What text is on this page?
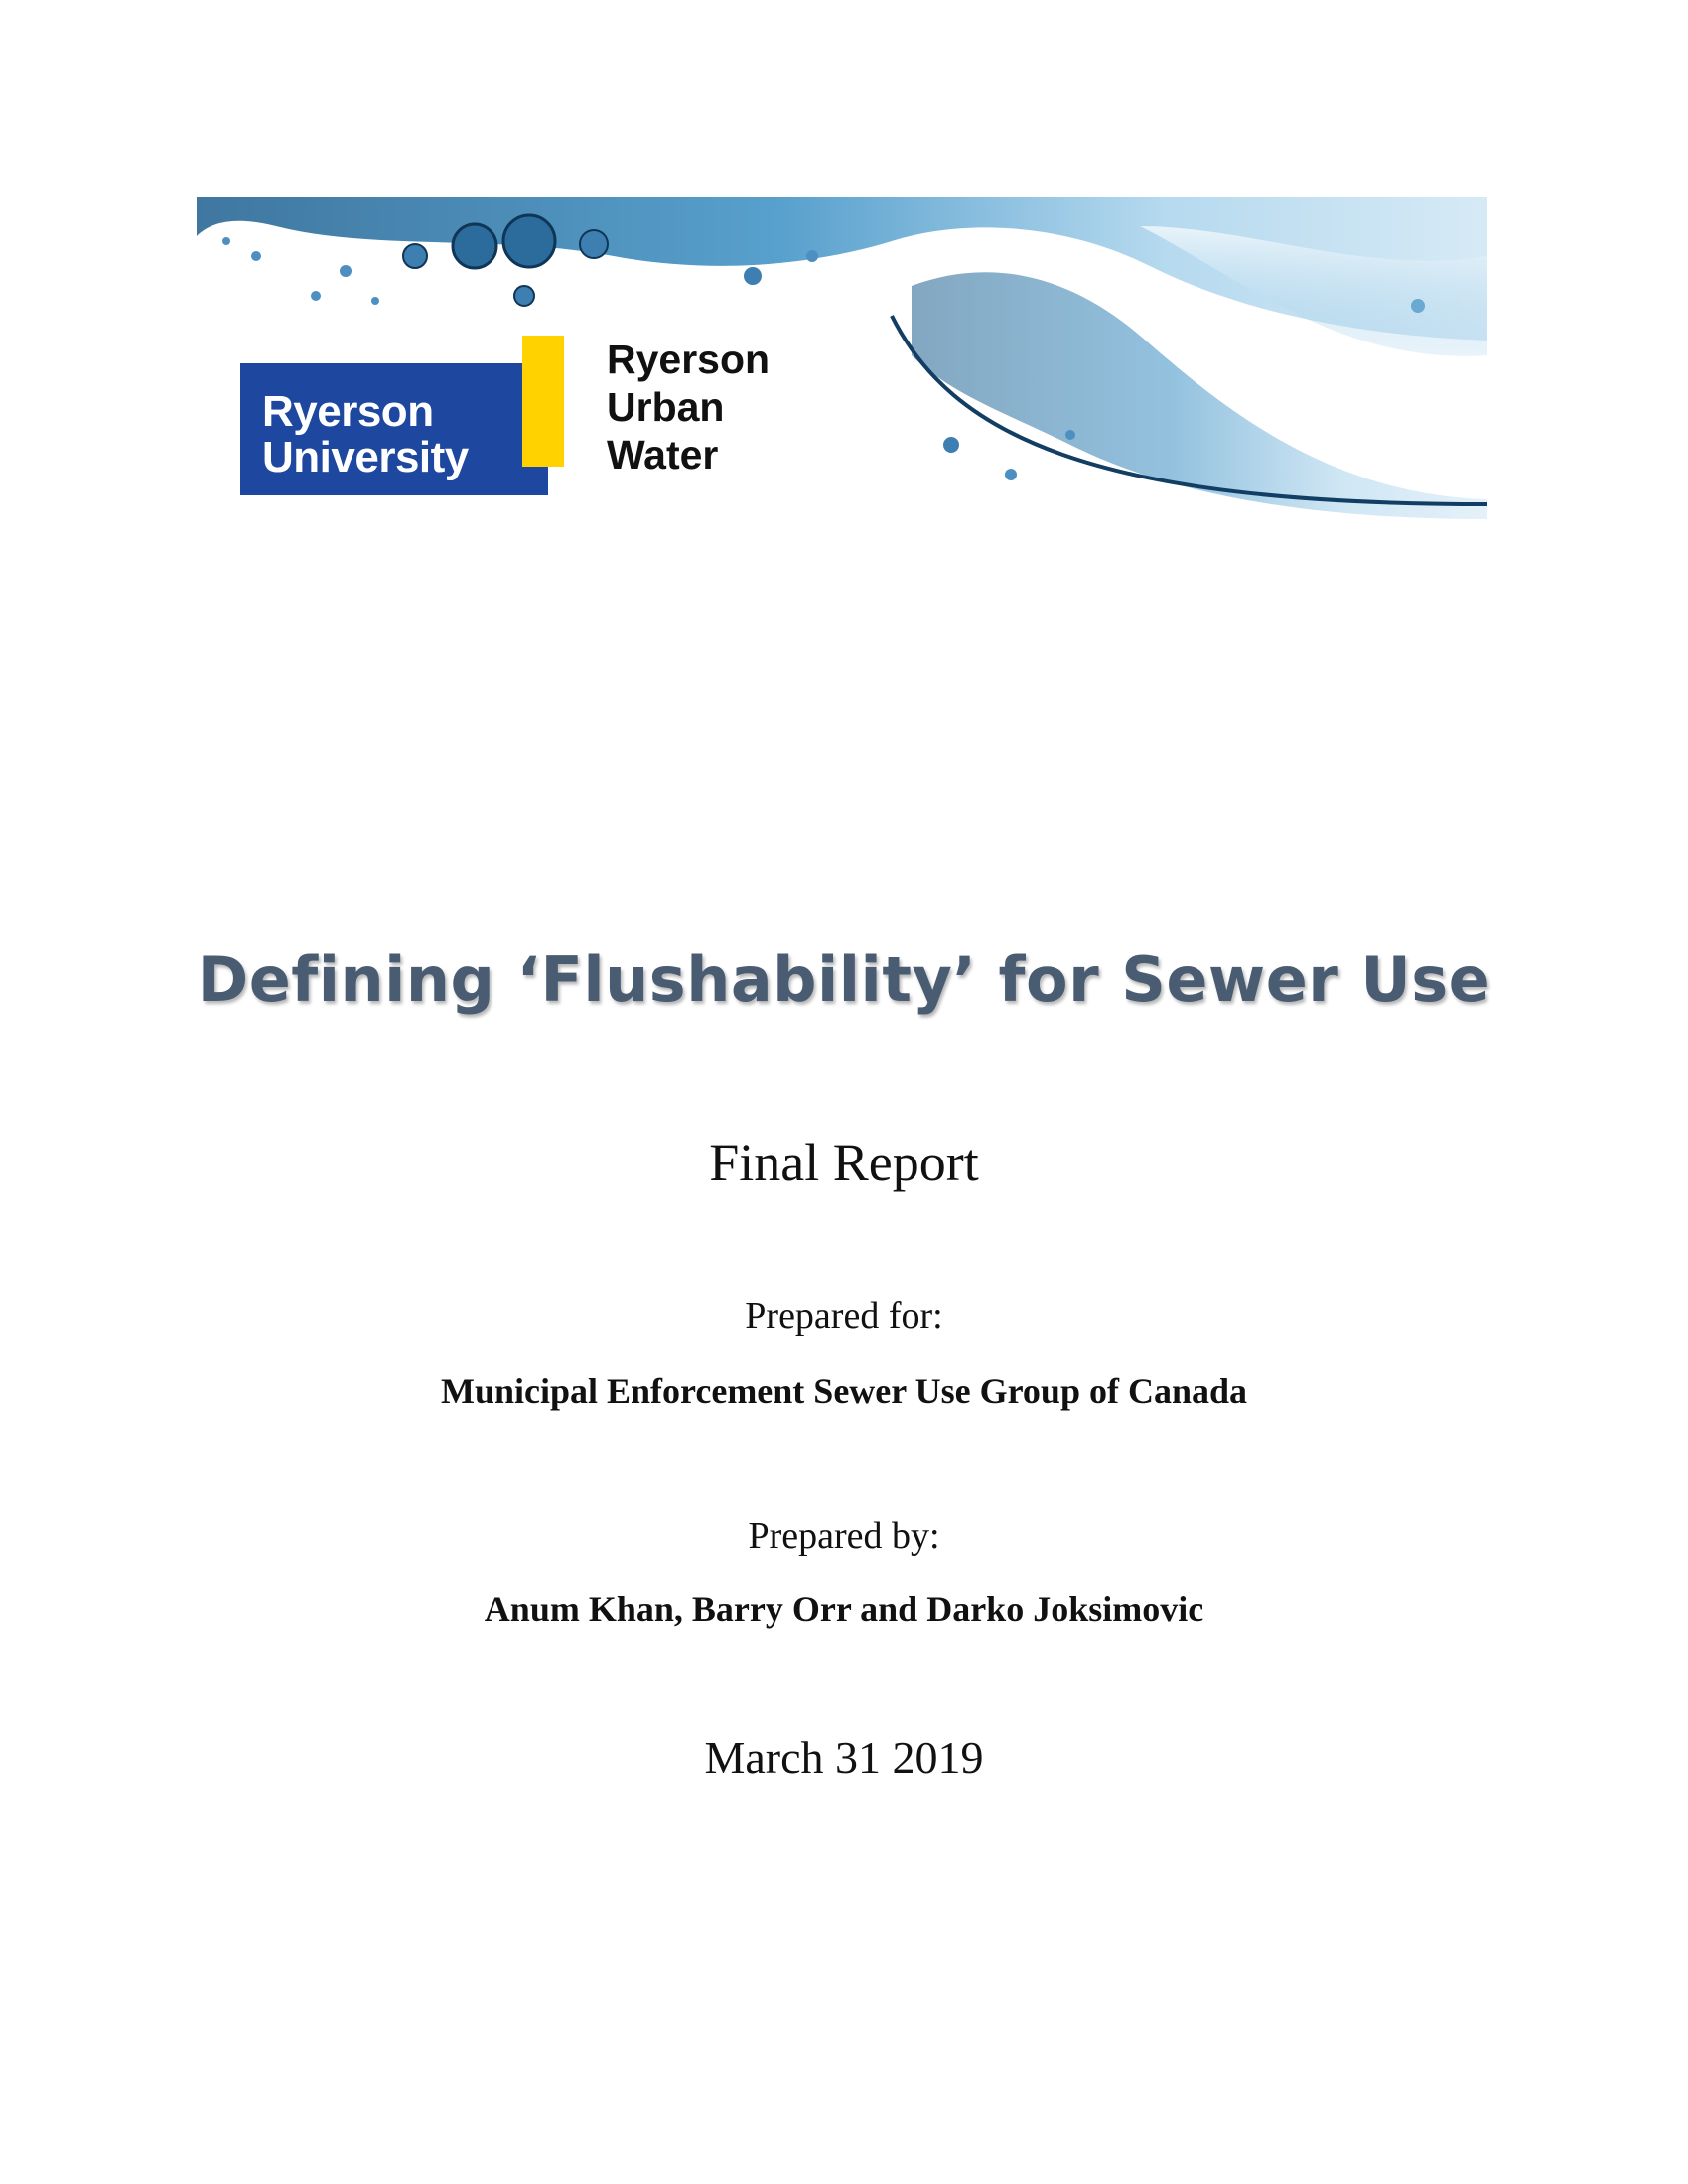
Ryerson
University
Ryerson
Urban
Water
Defining ‘Flushability’ for Sewer Use
Final Report
Prepared for:
Municipal Enforcement Sewer Use Group of Canada
Prepared by:
Anum Khan, Barry Orr and Darko Joksimovic
March 31 2019
